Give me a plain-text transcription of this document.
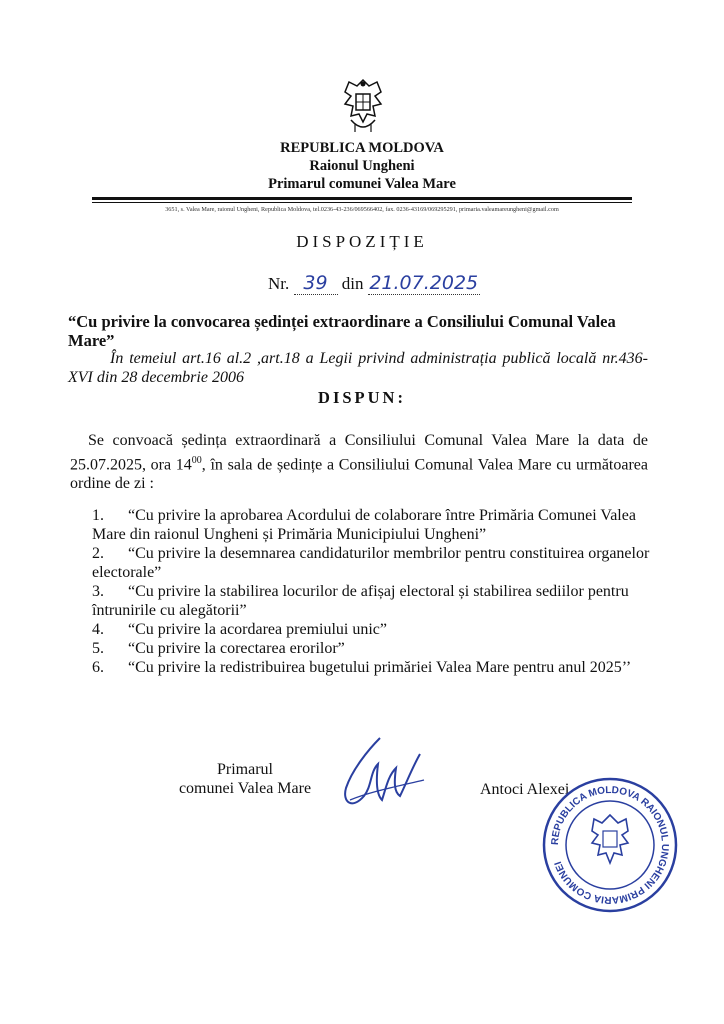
REPUBLICA MOLDOVA
Raionul Ungheni
Primarul comunei Valea Mare
3651, s. Valea Mare, raionul Ungheni, Republica Moldova, tel.0236-43-236/069566402, fax. 0236-43169/069295291, primaria.valeamareungheni@gmail.com
DISPOZIȚIE
Nr. 39 din 21.07.2025
“Cu privire la convocarea ședinței extraordinare a Consiliului Comunal Valea Mare”
În temeiul art.16 al.2 ,art.18 a Legii privind administrația publică locală nr.436-XVI din 28 decembrie 2006
DISPUN:
Se convoacă ședința extraordinară a Consiliului Comunal Valea Mare la data de 25.07.2025, ora $14^{00}$, în sala de ședințe a Consiliului Comunal Valea Mare cu următoarea ordine de zi :
1. “Cu privire la aprobarea Acordului de colaborare între Primăria Comunei Valea Mare din raionul Ungheni și Primăria Municipiului Ungheni”
2. “Cu privire la desemnarea candidaturilor membrilor pentru constituirea organelor electorale”
3. “Cu privire la stabilirea locurilor de afișaj electoral și stabilirea sediilor pentru întrunirile cu alegătorii”
4. “Cu privire la acordarea premiului unic”
5. “Cu privire la corectarea erorilor”
6. “Cu privire la redistribuirea bugetului primăriei Valea Mare pentru anul 2025’’
Primarul
comunei Valea Mare	Antoci Alexei
REPUBLICA MOLDOVA RAIONUL UNGHENI PRIMARIA COMUNEI
